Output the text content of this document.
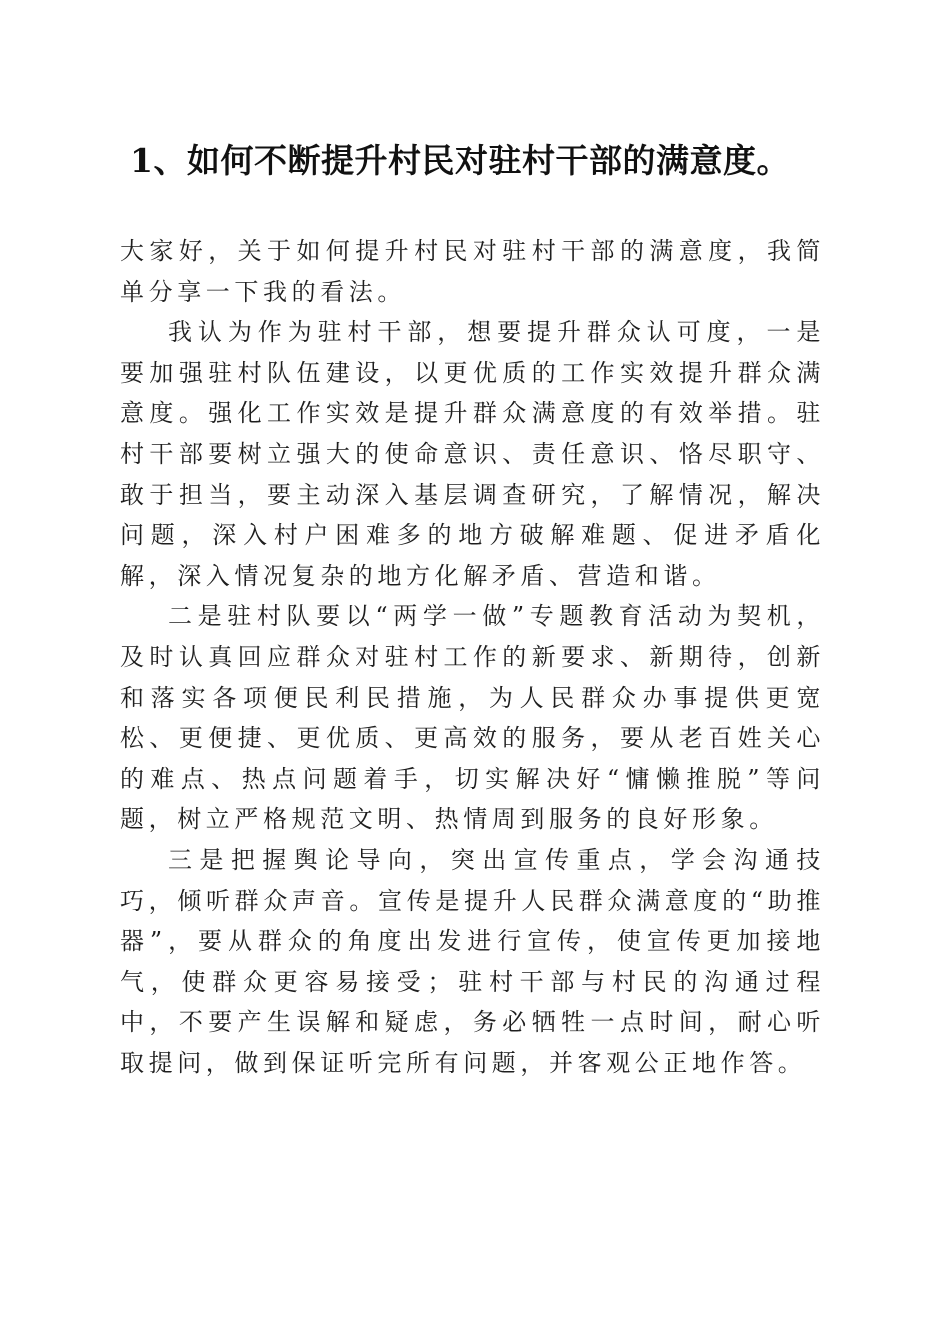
1、如何不断提升村民对驻村干部的满意度。

大家好，关于如何提升村民对驻村干部的满意度，我简单分享一下我的看法。

我认为作为驻村干部，想要提升群众认可度，一是要加强驻村队伍建设，以更优质的工作实效提升群众满意度。强化工作实效是提升群众满意度的有效举措。驻村干部要树立强大的使命意识、责任意识、恪尽职守、敢于担当，要主动深入基层调查研究，了解情况，解决问题，深入村户困难多的地方破解难题、促进矛盾化解，深入情况复杂的地方化解矛盾、营造和谐。

二是驻村队要以“两学一做”专题教育活动为契机，及时认真回应群众对驻村工作的新要求、新期待，创新和落实各项便民利民措施，为人民群众办事提供更宽松、更便捷、更优质、更高效的服务，要从老百姓关心的难点、热点问题着手，切实解决好“慵懒推脱”等问题，树立严格规范文明、热情周到服务的良好形象。

三是把握舆论导向，突出宣传重点，学会沟通技巧，倾听群众声音。宣传是提升人民群众满意度的“助推器”，要从群众的角度出发进行宣传，使宣传更加接地气，使群众更容易接受；驻村干部与村民的沟通过程中，不要产生误解和疑虑，务必牺牲一点时间，耐心听取提问，做到保证听完所有问题，并客观公正地作答。
